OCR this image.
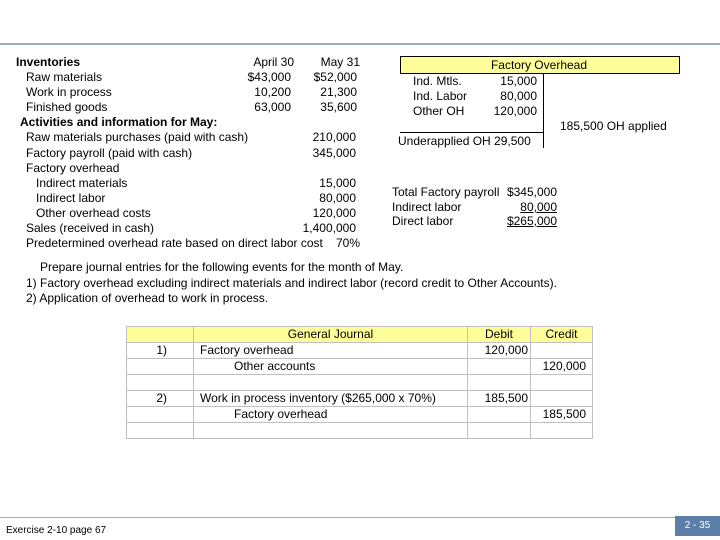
Inventories	April 30	May 31
Raw materials	$43,000	$52,000
Work in process	10,200	21,300
Finished goods	63,000	35,600
Activities and information for May:
Raw materials purchases (paid with cash)	210,000
Factory payroll (paid with cash)	345,000
Factory overhead
Indirect materials	15,000
Indirect labor	80,000
Other overhead costs	120,000
Sales (received in cash)	1,400,000
Predetermined overhead rate based on direct labor cost	70%
Factory Overhead
Ind. Mtls.	15,000
Ind. Labor	80,000
Other OH	120,000
185,500 OH applied
Underapplied OH 29,500
Total Factory payroll $345,000
Indirect labor	80,000
Direct labor	$265,000
Prepare journal entries for the following events for the month of May.
1) Factory overhead excluding indirect materials and indirect labor (record credit to Other Accounts).
2) Application of overhead to work in process.
	General Journal	Debit	Credit
1)	Factory overhead	120,000	
	Other accounts		120,000

2)	Work in process inventory ($265,000 x 70%)	185,500	
	Factory overhead		185,500

Exercise 2-10 page 67	2 - 35
